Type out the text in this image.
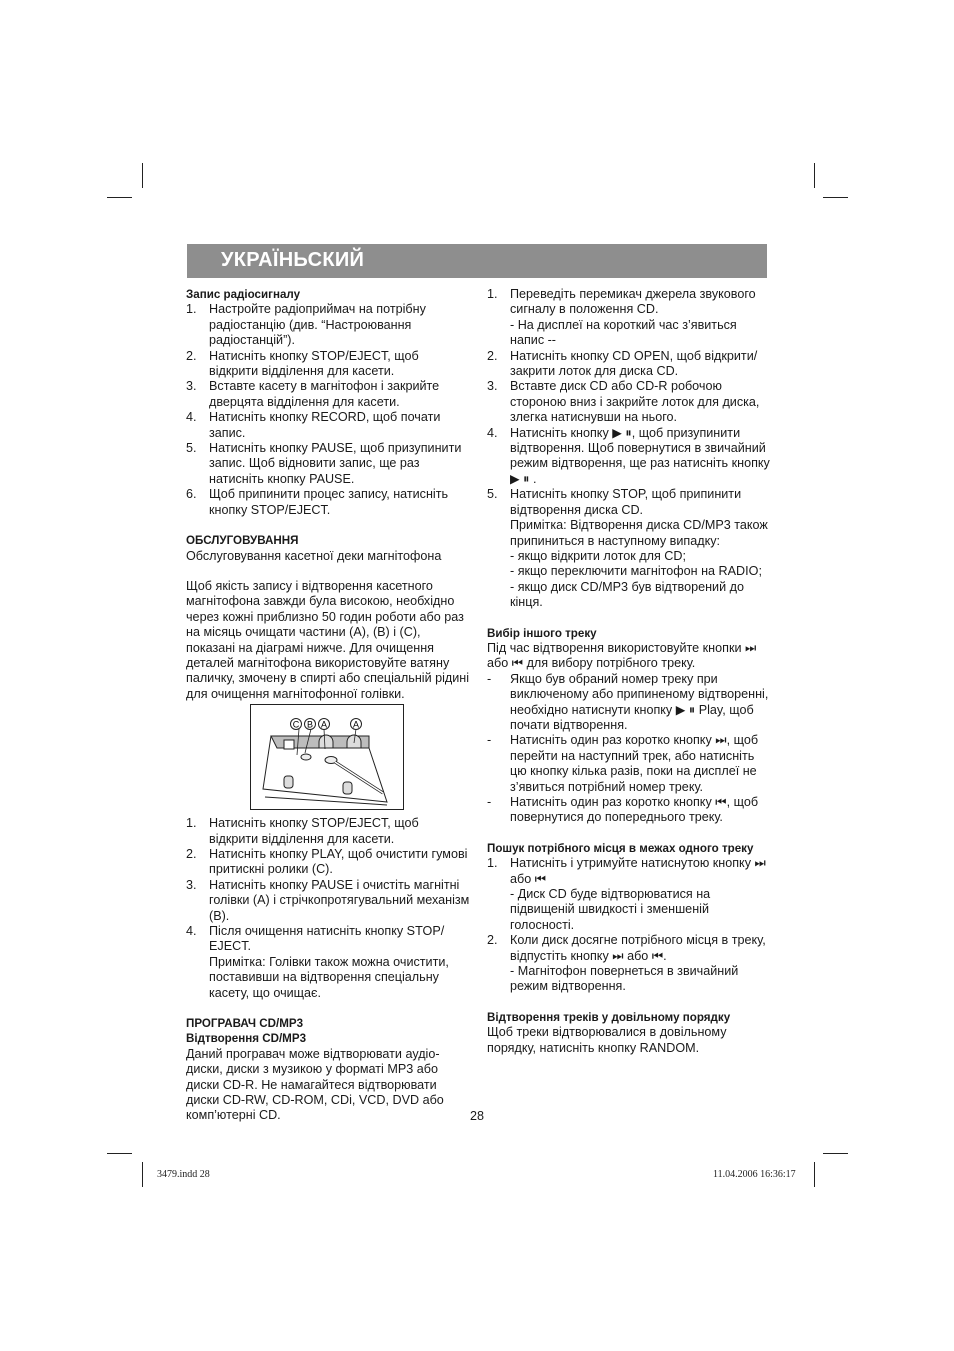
УКРАЇНЬСКИЙ

Запис радіосигналу

1. Настройте радіоприймач на потрібну радіостанцію (див. “Настроювання радіостанцій”).
2. Натисніть кнопку STOP/EJECT, щоб відкрити відділення для касети.
3. Вставте касету в магнітофон і закрийте дверцята відділення для касети.
4. Натисніть кнопку RECORD, щоб почати запис.
5. Натисніть кнопку PAUSE, щоб призупинити запис. Щоб відновити запис, ще раз натисніть кнопку PAUSE.
6. Щоб припинити процес запису, натисніть кнопку STOP/EJECT.

ОБСЛУГОВУВАННЯ

Обслуговування касетної деки магнітофона

Щоб якість запису і відтворення касетного магнітофона завжди була високою, необхідно через кожні приблизно 50 годин роботи або раз на місяць очищати частини (A), (B) і (C), показані на діаграмі нижче. Для очищення деталей магнітофона використовуйте ватяну паличку, змочену в спирті або спеціальній рідині для очищення магнітофонної голівки.

C B A	A
1. Натисніть кнопку STOP/EJECT, щоб відкрити відділення для касети.
2. Натисніть кнопку PLAY, щоб очистити гумові притискні ролики (C).
3. Натисніть кнопку PAUSE і очистіть магнітні голівки (A) і стрічкопротягувальний механізм (B).
4. Після очищення натисніть кнопку STOP/ EJECT.

Примітка: Голівки також можна очистити, поставивши на відтворення спеціальну касету, що очищає.

ПРОГРАВАЧ CD/MP3

Відтворення CD/MP3

Даний програвач може відтворювати аудіо-диски, диски з музикою у форматі MP3 або диски CD-R. Не намагайтеся відтворювати диски CD-RW, CD-ROM, CDi, VCD, DVD або комп’ютерні CD.

1. Переведіть перемикач джерела звукового сигналу в положення CD.
- На дисплеї на короткий час з’явиться напис --
2. Натисніть кнопку CD OPEN, щоб відкрити/ закрити лоток для диска CD.
3. Вставте диск CD або CD-R робочою стороною вниз і закрийте лоток для диска, злегка натиснувши на нього.
4. Натисніть кнопку ▶ ⏸, щоб призупинити відтворення. Щоб повернутися в звичайний режим відтворення, ще раз натисніть кнопку ▶ ⏸ .
5. Натисніть кнопку STOP, щоб припинити відтворення диска CD.
Примітка: Відтворення диска CD/MP3 також припиниться в наступному випадку:
- якщо відкрити лоток для CD;
- якщо переключити магнітофон на RADIO;
- якщо диск CD/MP3 був відтворений до кінця.

Вибір іншого треку

Під час відтворення використовуйте кнопки ⏭ або ⏮ для вибору потрібного треку.

- Якщо був обраний номер треку при виключеному або припиненому відтворенні, необхідно натиснути кнопку ▶ ⏸ Play, щоб почати відтворення.
- Натисніть один раз коротко кнопку ⏭, щоб перейти на наступний трек, або натисніть цю кнопку кілька разів, поки на дисплеї не з’явиться потрібний номер треку.
- Натисніть один раз коротко кнопку ⏮, щоб повернутися до попереднього треку.

Пошук потрібного місця в межах одного треку

1. Натисніть і утримуйте натиснутою кнопку ⏭ або ⏮
- Диск CD буде відтворюватися на підвищеній швидкості і зменшеній голосності.
2. Коли диск досягне потрібного місця в треку, відпустіть кнопку ⏭ або ⏮.
- Магнітофон повернеться в звичайний режим відтворення.

Відтворення треків у довільному порядку

Щоб треки відтворювалися в довільному порядку, натисніть кнопку RANDOM.

28
3479.indd 28	11.04.2006 16:36:17
